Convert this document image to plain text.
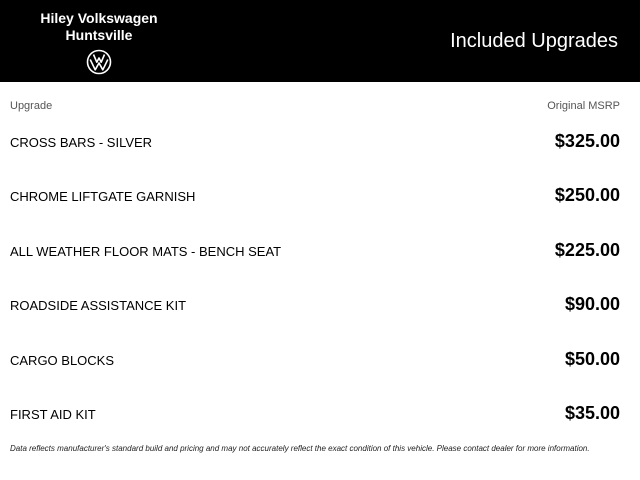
Hiley Volkswagen
Huntsville	Included Upgrades
Upgrade	Original MSRP
CROSS BARS - SILVER	$325.00
CHROME LIFTGATE GARNISH	$250.00
ALL WEATHER FLOOR MATS - BENCH SEAT	$225.00
ROADSIDE ASSISTANCE KIT	$90.00
CARGO BLOCKS	$50.00
FIRST AID KIT	$35.00
Data reflects manufacturer's standard build and pricing and may not accurately reflect the exact condition of this vehicle. Please contact dealer for more information.
